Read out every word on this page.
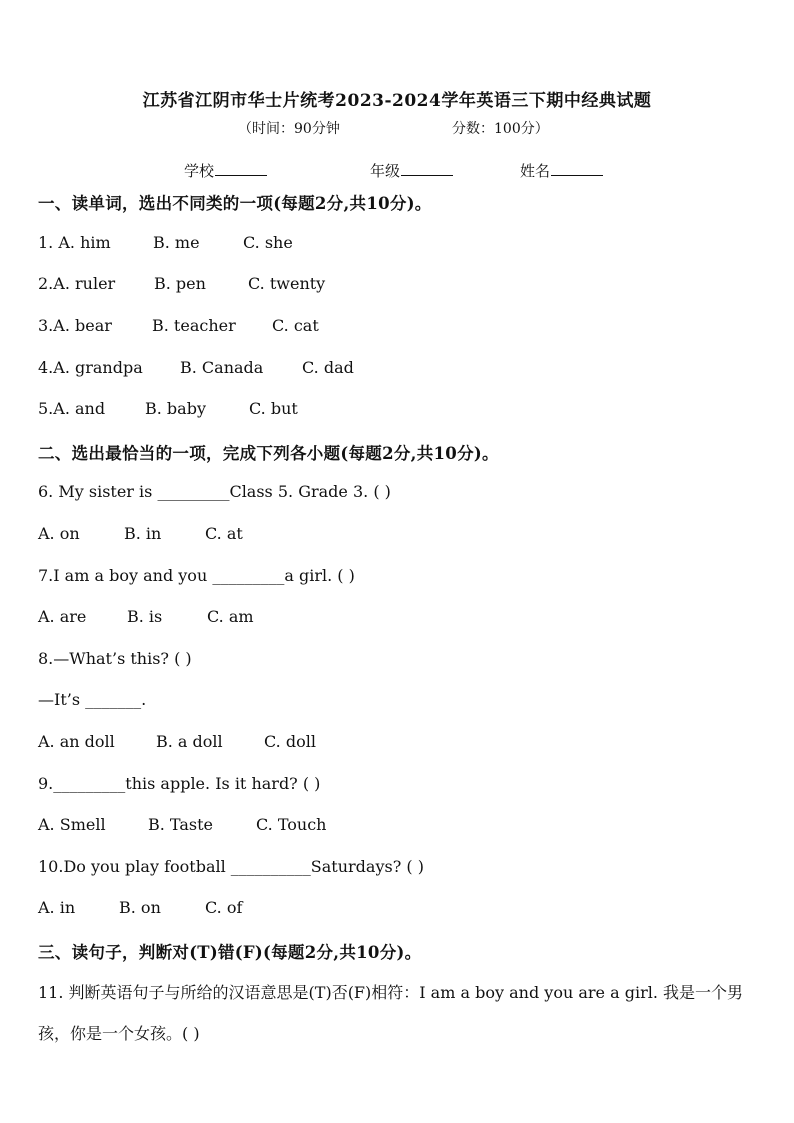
江苏省江阴市华士片统考2023-2024学年英语三下期中经典试题
（时间：90分钟	分数：100分）
学校	年级	姓名
一、读单词，选出不同类的一项(每题2分,共10分)。
1. A. him	B. me	C. she
2.A. ruler B. pen	C. twenty
3.A. bear	B. teacher C. cat
4.A. grandpa B. Canada C. dad
5.A. and B. baby	C. but
二、选出最恰当的一项，完成下列各小题(每题2分,共10分)。
6. My sister is _________Class 5. Grade 3. ( )
A. on	B. in	C. at
7.I am a boy and you _________a girl. ( )
A. are	B. is	C. am
8.—What’s this? ( )
—It’s _______.
A. an doll	B. a doll	C. doll
9._________this apple. Is it hard? ( )
A. Smell	B. Taste	C. Touch
10.Do you play football __________Saturdays? ( )
A. in	B. on	C. of
三、读句子，判断对(T)错(F)(每题2分,共10分)。
11. 判断英语句子与所给的汉语意思是(T)否(F)相符：I am a boy and you are a girl. 我是一个男孩，你是一个女孩。( )
